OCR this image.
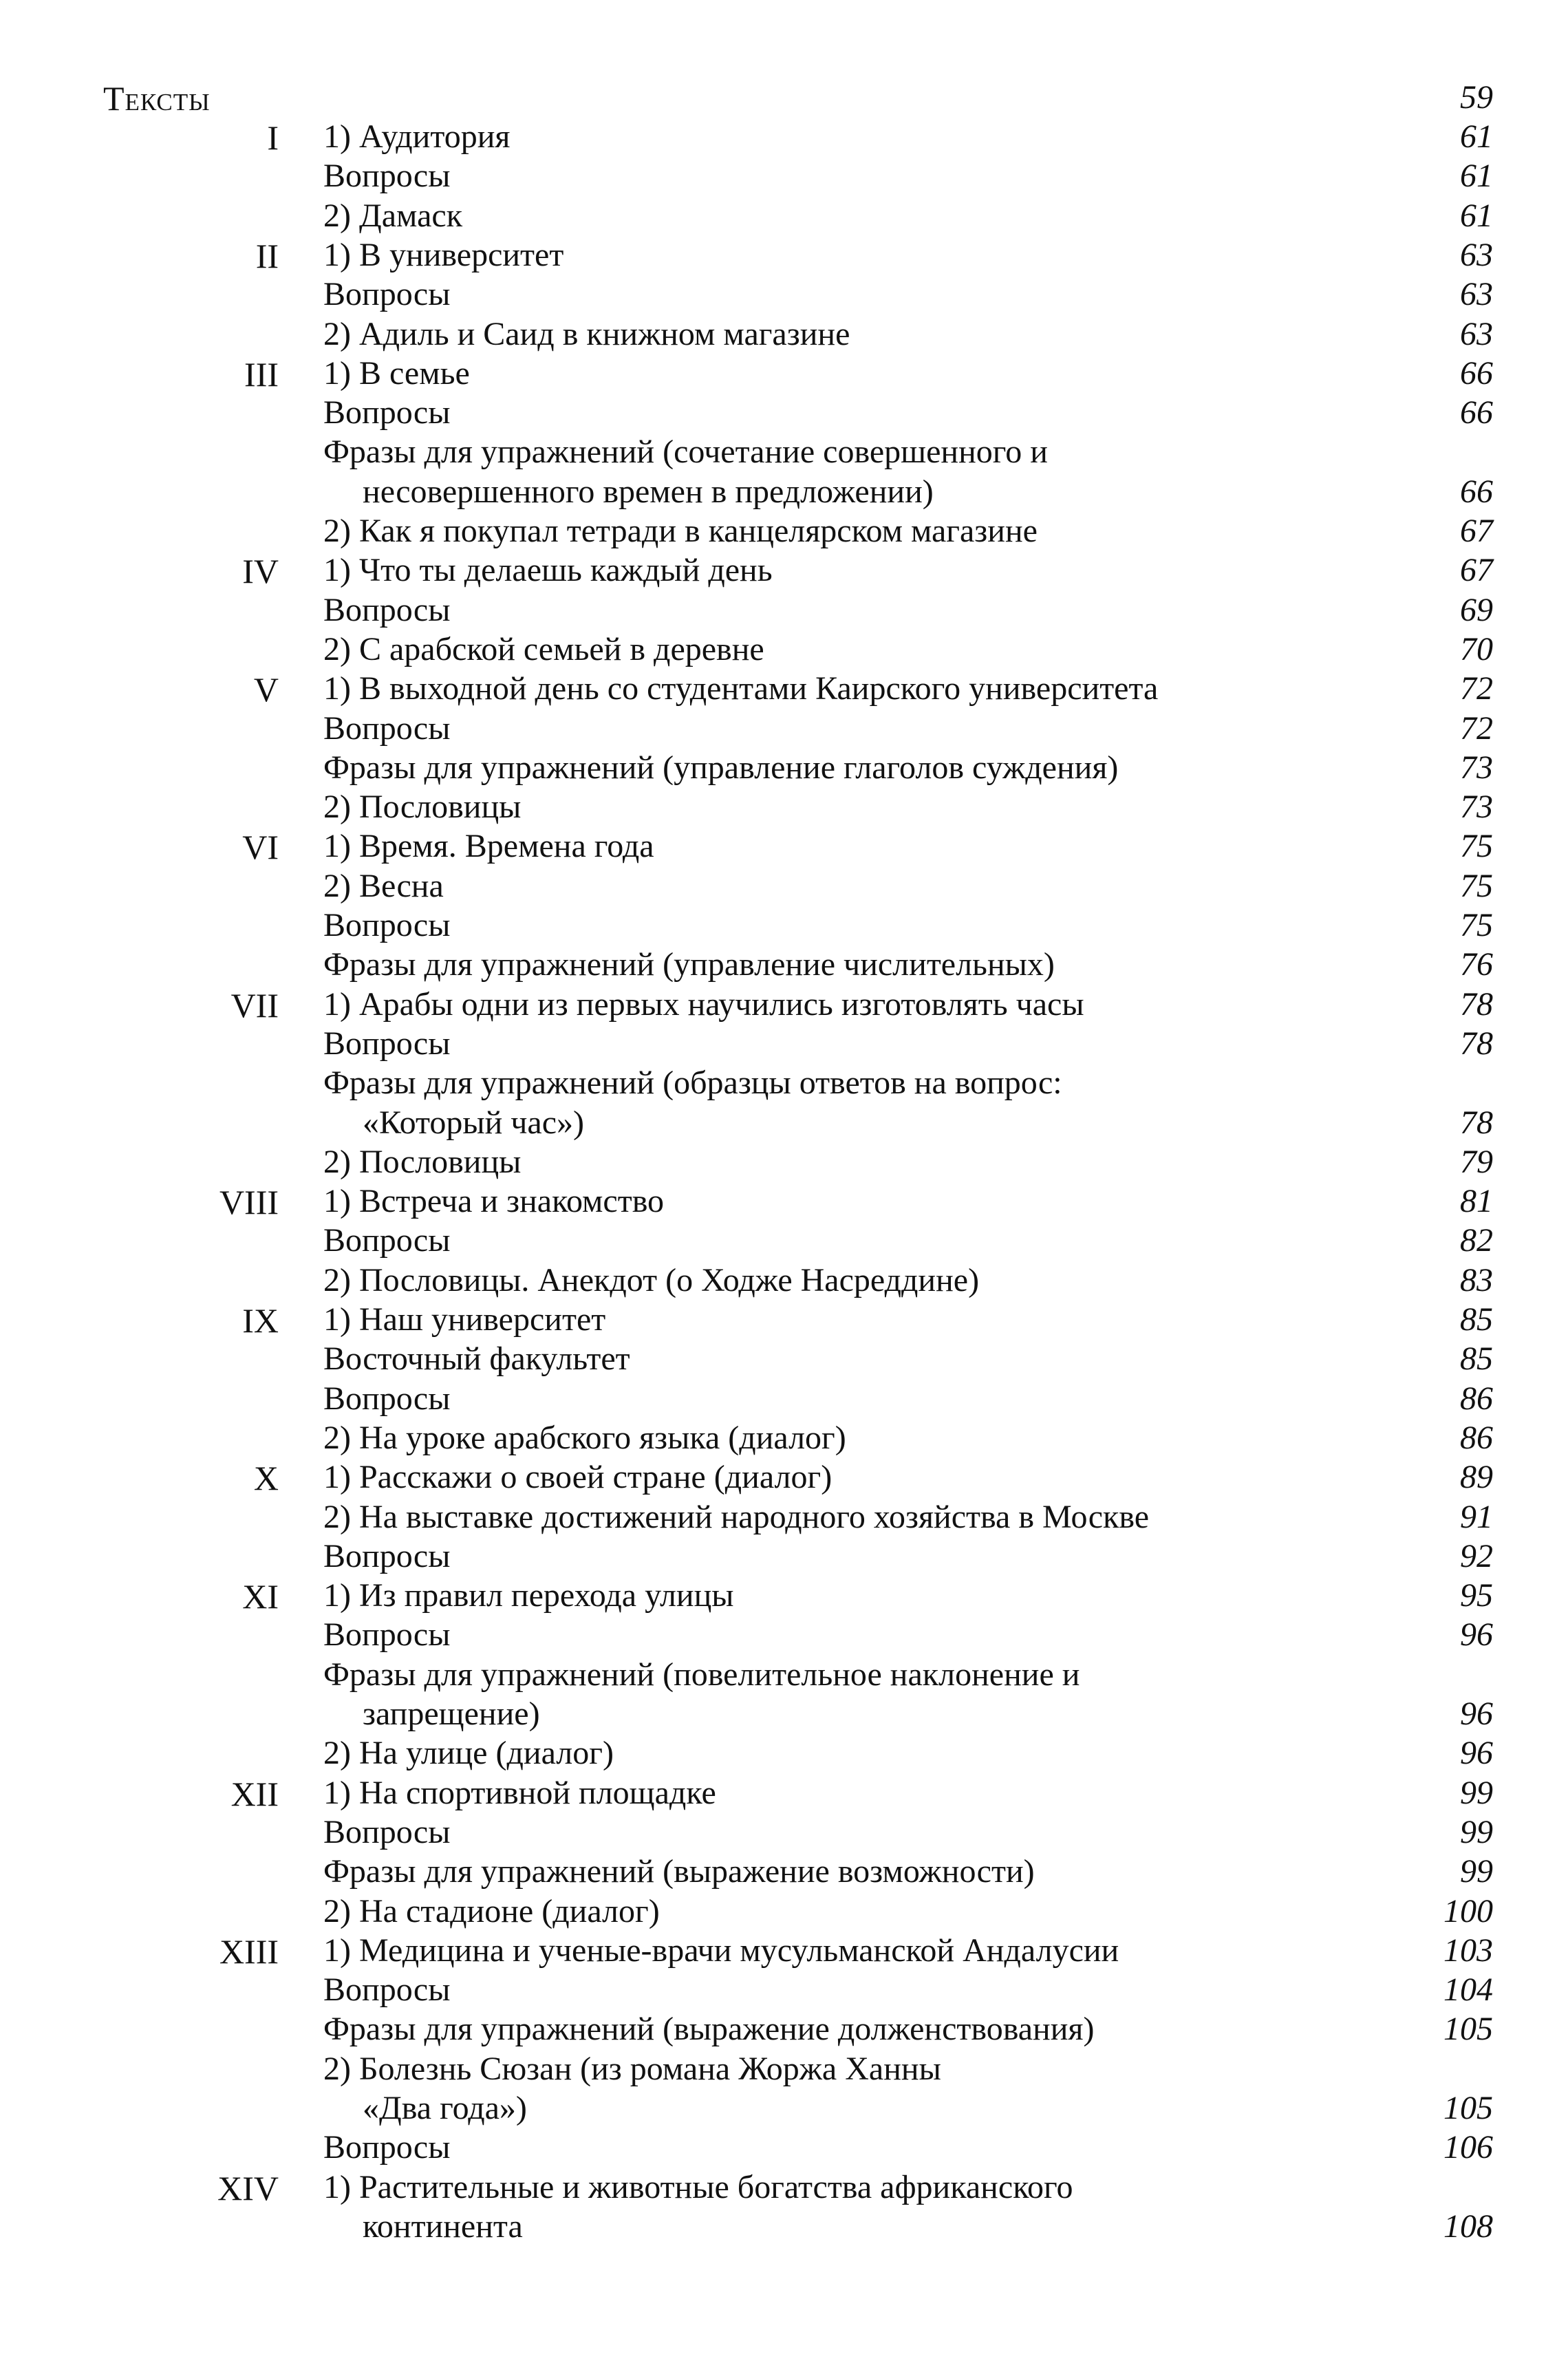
Тексты	59
I 1) Аудитория	61
Вопросы	61
2) Дамаск	61
II 1) В университет	63
Вопросы	63
2) Адиль и Саид в книжном магазине	63
III 1) В семье	66
Вопросы	66
Фразы для упражнений (сочетание совершенного и
несовершенного времен в предложении)	66
2) Как я покупал тетради в канцелярском магазине	67
IV 1) Что ты делаешь каждый день	67
Вопросы	69
2) С арабской семьей в деревне	70
V 1) В выходной день со студентами Каирского университета	72
Вопросы	72
Фразы для упражнений (управление глаголов суждения)	73
2) Пословицы	73
VI 1) Время. Времена года	75
2) Весна	75
Вопросы	75
Фразы для упражнений (управление числительных)	76
VII 1) Арабы одни из первых научились изготовлять часы	78
Вопросы	78
Фразы для упражнений (образцы ответов на вопрос:
«Который час»)	78
2) Пословицы	79
VIII 1) Встреча и знакомство	81
Вопросы	82
2) Пословицы. Анекдот (о Ходже Насреддине)	83
IX 1) Наш университет	85
Восточный факультет	85
Вопросы	86
2) На уроке арабского языка (диалог)	86
X 1) Расскажи о своей стране (диалог)	89
2) На выставке достижений народного хозяйства в Москве	91
Вопросы	92
XI 1) Из правил перехода улицы	95
Вопросы	96
Фразы для упражнений (повелительное наклонение и
запрещение)	96
2) На улице (диалог)	96
XII 1) На спортивной площадке	99
Вопросы	99
Фразы для упражнений (выражение возможности)	99
2) На стадионе (диалог)	100
XIII 1) Медицина и ученые-врачи мусульманской Андалусии	103
Вопросы	104
Фразы для упражнений (выражение долженствования)	105
2) Болезнь Сюзан (из романа Жоржа Ханны
«Два года»)	105
Вопросы	106
XIV 1) Растительные и животные богатства африканского
континента	108
